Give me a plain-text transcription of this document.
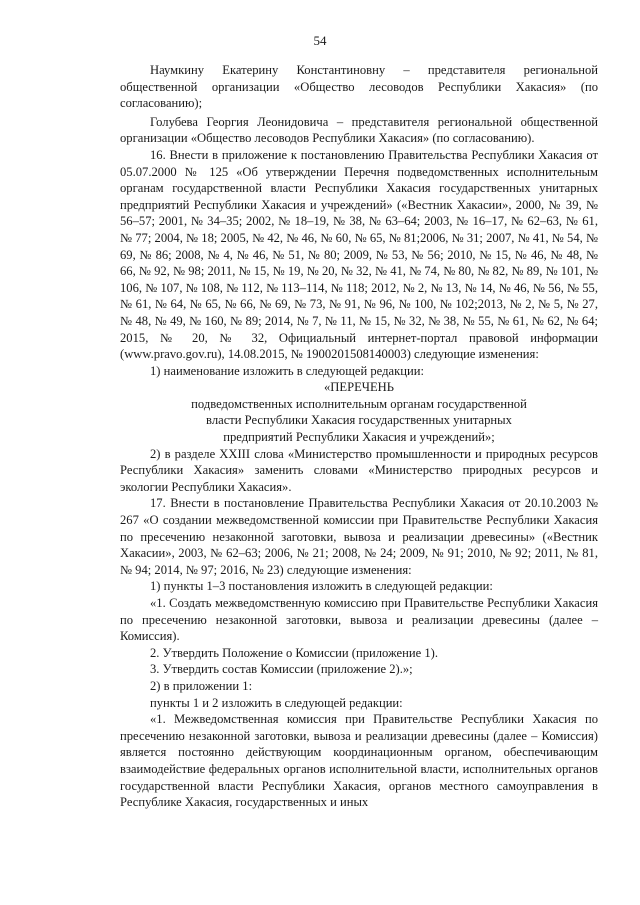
54

Наумкину Екатерину Константиновну – представителя региональной общественной организации «Общество лесоводов Республики Хакасия» (по согласованию);

Голубева Георгия Леонидовича – представителя региональной общественной организации «Общество лесоводов Республики Хакасия» (по согласованию).

16. Внести в приложение к постановлению Правительства Республики Хакасия от 05.07.2000 № 125 «Об утверждении Перечня подведомственных исполнительным органам государственной власти Республики Хакасия государственных унитарных предприятий Республики Хакасия и учреждений» («Вестник Хакасии», 2000, № 39, № 56–57; 2001, № 34–35; 2002, № 18–19, № 38, № 63–64; 2003, № 16–17, № 62–63, № 61, № 77; 2004, № 18; 2005, № 42, № 46, № 60, № 65, № 81;2006, № 31; 2007, № 41, № 54, № 69, № 86; 2008, № 4, № 46, № 51, № 80; 2009, № 53, № 56; 2010, № 15, № 46, № 48, № 66, № 92, № 98; 2011, № 15, № 19, № 20, № 32, № 41, № 74, № 80, № 82, № 89, № 101, № 106, № 107, № 108, № 112, № 113–114, № 118; 2012, № 2, № 13, № 14, № 46, № 56, № 55, № 61, № 64, № 65, № 66, № 69, № 73, № 91, № 96, № 100, № 102;2013, № 2, № 5, № 27, № 48, № 49, № 160, № 89; 2014, № 7, № 11, № 15, № 32, № 38, № 55, № 61, № 62, № 64; 2015, № 20, № 32, Официальный интернет-портал правовой информации (www.pravo.gov.ru), 14.08.2015, № 1900201508140003) следующие изменения:

1) наименование изложить в следующей редакции:

«ПЕРЕЧЕНЬ

подведомственных исполнительным органам государственной

власти Республики Хакасия государственных унитарных

предприятий Республики Хакасия и учреждений»;

2) в разделе XXIII слова «Министерство промышленности и природных ресурсов Республики Хакасия» заменить словами «Министерство природных ресурсов и экологии Республики Хакасия».

17. Внести в постановление Правительства Республики Хакасия от 20.10.2003 № 267 «О создании межведомственной комиссии при Правительстве Республики Хакасия по пресечению незаконной заготовки, вывоза и реализации древесины» («Вестник Хакасии», 2003, № 62–63; 2006, № 21; 2008, № 24; 2009, № 91; 2010, № 92; 2011, № 81, № 94; 2014, № 97; 2016, № 23) следующие изменения:

1) пункты 1–3 постановления изложить в следующей редакции:

«1. Создать межведомственную комиссию при Правительстве Республики Хакасия по пресечению незаконной заготовки, вывоза и реализации древесины (далее – Комиссия).

2. Утвердить Положение о Комиссии (приложение 1).

3. Утвердить состав Комиссии (приложение 2).»;

2) в приложении 1:

пункты 1 и 2 изложить в следующей редакции:

«1. Межведомственная комиссия при Правительстве Республики Хакасия по пресечению незаконной заготовки, вывоза и реализации древесины (далее – Комиссия) является постоянно действующим координационным органом, обеспечивающим взаимодействие федеральных органов исполнительной власти, исполнительных органов государственной власти Республики Хакасия, органов местного самоуправления в Республике Хакасия, государственных и иных
